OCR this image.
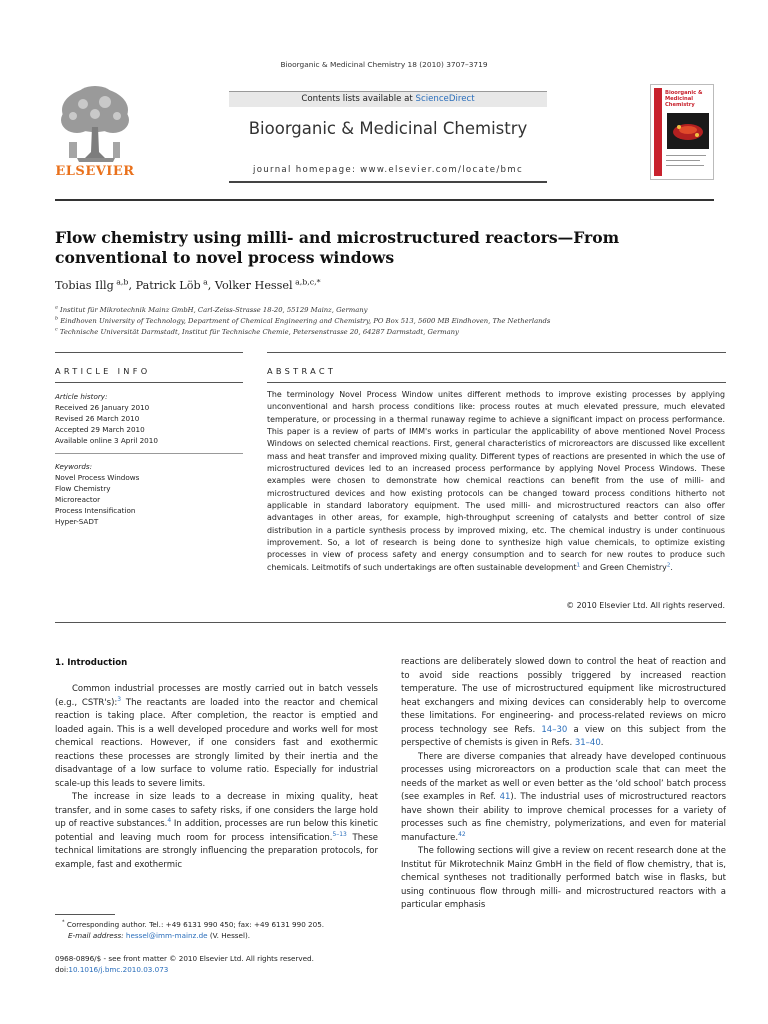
Bioorganic & Medicinal Chemistry 18 (2010) 3707–3719
ELSEVIER
Contents lists available at ScienceDirect
Bioorganic & Medicinal Chemistry
journal homepage: www.elsevier.com/locate/bmc
Bioorganic & Medicinal Chemistry
Flow chemistry using milli- and microstructured reactors—From
conventional to novel process windows
Tobias Illg $^{a,b}$, Patrick Löb $^a$, Volker Hessel $^{a,b,c,*}$
$^a$ Institut für Mikrotechnik Mainz GmbH, Carl-Zeiss-Strasse 18-20, 55129 Mainz, Germany
$^b$ Eindhoven University of Technology, Department of Chemical Engineering and Chemistry, PO Box 513, 5600 MB Eindhoven, The Netherlands
$^c$ Technische Universität Darmstadt, Institut für Technische Chemie, Petersenstrasse 20, 64287 Darmstadt, Germany
ARTICLE INFO
Article history:
Received 26 January 2010
Revised 26 March 2010
Accepted 29 March 2010
Available online 3 April 2010
Keywords:
Novel Process Windows
Flow Chemistry
Microreactor
Process Intensification
Hyper-SADT
ABSTRACT
The terminology Novel Process Window unites different methods to improve existing processes by applying unconventional and harsh process conditions like: process routes at much elevated pressure, much elevated temperature, or processing in a thermal runaway regime to achieve a significant impact on process performance. This paper is a review of parts of IMM's works in particular the applicability of above mentioned Novel Process Windows on selected chemical reactions. First, general characteristics of microreactors are discussed like excellent mass and heat transfer and improved mixing quality. Different types of reactions are presented in which the use of microstructured devices led to an increased process performance by applying Novel Process Windows. These examples were chosen to demonstrate how chemical reactions can benefit from the use of milli- and microstructured devices and how existing protocols can be changed toward process conditions hitherto not applicable in standard laboratory equipment. The used milli- and microstructured reactors can also offer advantages in other areas, for example, high-throughput screening of catalysts and better control of size distribution in a particle synthesis process by improved mixing, etc. The chemical industry is under continuous improvement. So, a lot of research is being done to synthesize high value chemicals, to optimize existing processes in view of process safety and energy consumption and to search for new routes to produce such chemicals. Leitmotifs of such undertakings are often sustainable development$^1$ and Green Chemistry$^2$.
© 2010 Elsevier Ltd. All rights reserved.
1. Introduction

Common industrial processes are mostly carried out in batch vessels (e.g., CSTR's):$^3$ The reactants are loaded into the reactor and chemical reaction is taking place. After completion, the reactor is emptied and loaded again. This is a well developed procedure and works well for most chemical reactions. However, if one considers fast and exothermic reactions these processes are strongly limited by their inertia and the disadvantage of a low surface to volume ratio. Especially for industrial scale-up this leads to severe limits.

The increase in size leads to a decrease in mixing quality, heat transfer, and in some cases to safety risks, if one considers the large hold up of reactive substances.$^4$ In addition, processes are run below this kinetic potential and leaving much room for process intensification.$^{5-13}$ These technical limitations are strongly influencing the preparation protocols, for example, fast and exothermic

reactions are deliberately slowed down to control the heat of reaction and to avoid side reactions possibly triggered by increased reaction temperature. The use of microstructured equipment like microstructured heat exchangers and mixing devices can considerably help to overcome these limitations. For engineering- and process-related reviews on micro process technology see Refs. 14–30 a view on this subject from the perspective of chemists is given in Refs. 31–40.

There are diverse companies that already have developed continuous processes using microreactors on a production scale that can meet the needs of the market as well or even better as the ‘old school’ batch process (see examples in Ref. 41). The industrial uses of microstructured reactors have shown their ability to improve chemical processes for a variety of processes such as fine chemistry, polymerizations, and even for material manufacture.$^{42}$

The following sections will give a review on recent research done at the Institut für Mikrotechnik Mainz GmbH in the field of flow chemistry, that is, chemical syntheses not traditionally performed batch wise in flasks, but using continuous flow through milli- and microstructured reactors with a particular emphasis

* Corresponding author. Tel.: +49 6131 990 450; fax: +49 6131 990 205.
E-mail address: hessel@imm-mainz.de (V. Hessel).
0968-0896/$ - see front matter © 2010 Elsevier Ltd. All rights reserved.
doi:10.1016/j.bmc.2010.03.073
